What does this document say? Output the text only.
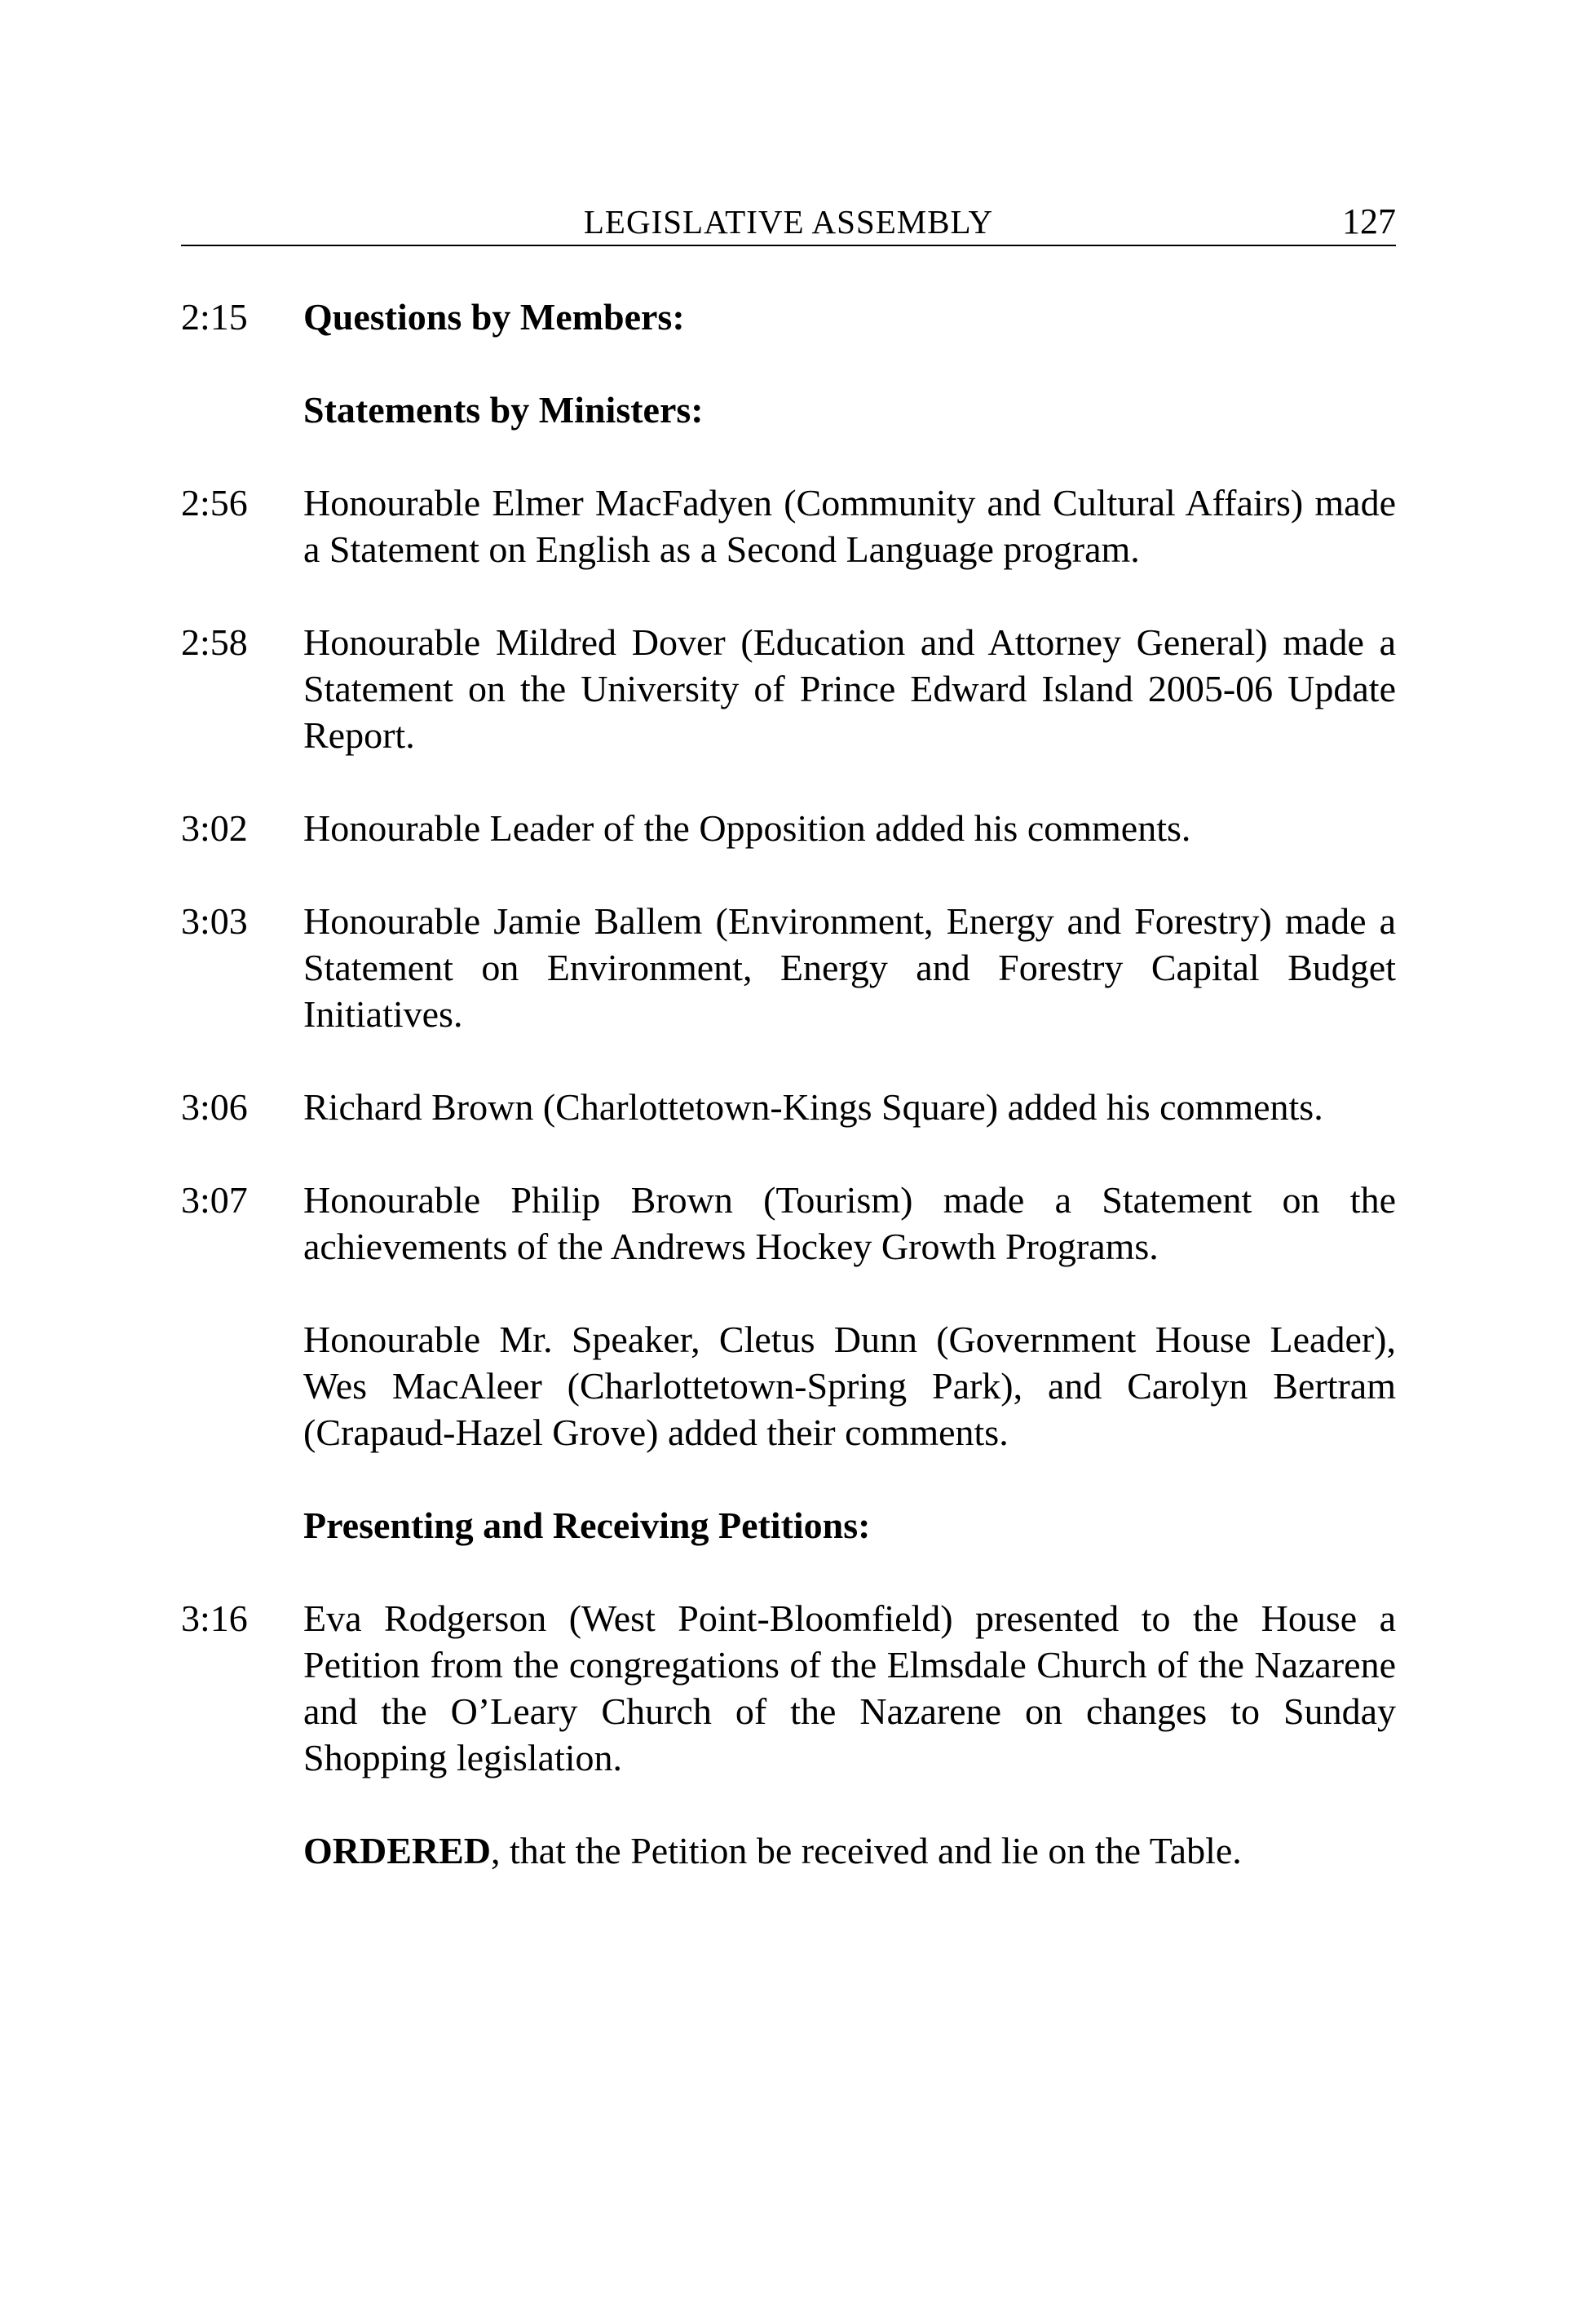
LEGISLATIVE ASSEMBLY	127
2:15 Questions by Members:
Statements by Ministers:
2:56 Honourable Elmer MacFadyen (Community and Cultural Affairs) made a Statement on English as a Second Language program.
2:58 Honourable Mildred Dover (Education and Attorney General) made a Statement on the University of Prince Edward Island 2005-06 Update Report.
3:02 Honourable Leader of the Opposition added his comments.
3:03 Honourable Jamie Ballem (Environment, Energy and Forestry) made a Statement on Environment, Energy and Forestry Capital Budget Initiatives.
3:06 Richard Brown (Charlottetown-Kings Square) added his comments.
3:07 Honourable Philip Brown (Tourism) made a Statement on the achievements of the Andrews Hockey Growth Programs.
Honourable Mr. Speaker, Cletus Dunn (Government House Leader), Wes MacAleer (Charlottetown-Spring Park), and Carolyn Bertram (Crapaud-Hazel Grove) added their comments.
Presenting and Receiving Petitions:
3:16 Eva Rodgerson (West Point-Bloomfield) presented to the House a Petition from the congregations of the Elmsdale Church of the Nazarene and the O’Leary Church of the Nazarene on changes to Sunday Shopping legislation.
ORDERED, that the Petition be received and lie on the Table.
